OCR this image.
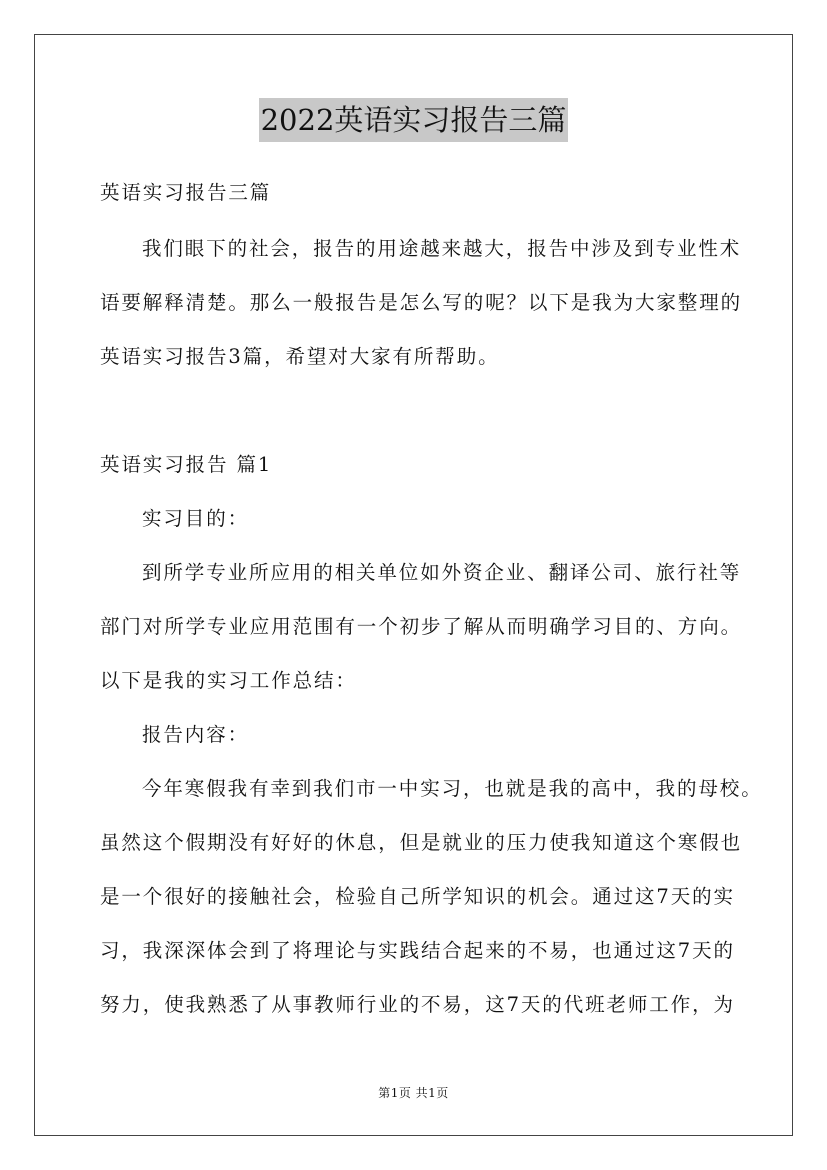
2022英语实习报告三篇
英语实习报告三篇
我们眼下的社会，报告的用途越来越大，报告中涉及到专业性术
语要解释清楚。那么一般报告是怎么写的呢？以下是我为大家整理的
英语实习报告3篇，希望对大家有所帮助。
英语实习报告 篇1
实习目的：
到所学专业所应用的相关单位如外资企业、翻译公司、旅行社等
部门对所学专业应用范围有一个初步了解从而明确学习目的、方向。
以下是我的实习工作总结：
报告内容：
今年寒假我有幸到我们市一中实习，也就是我的高中，我的母校。
虽然这个假期没有好好的休息，但是就业的压力使我知道这个寒假也
是一个很好的接触社会，检验自己所学知识的机会。通过这7天的实
习，我深深体会到了将理论与实践结合起来的不易，也通过这7天的
努力，使我熟悉了从事教师行业的不易，这7天的代班老师工作，为
第1页 共1页
